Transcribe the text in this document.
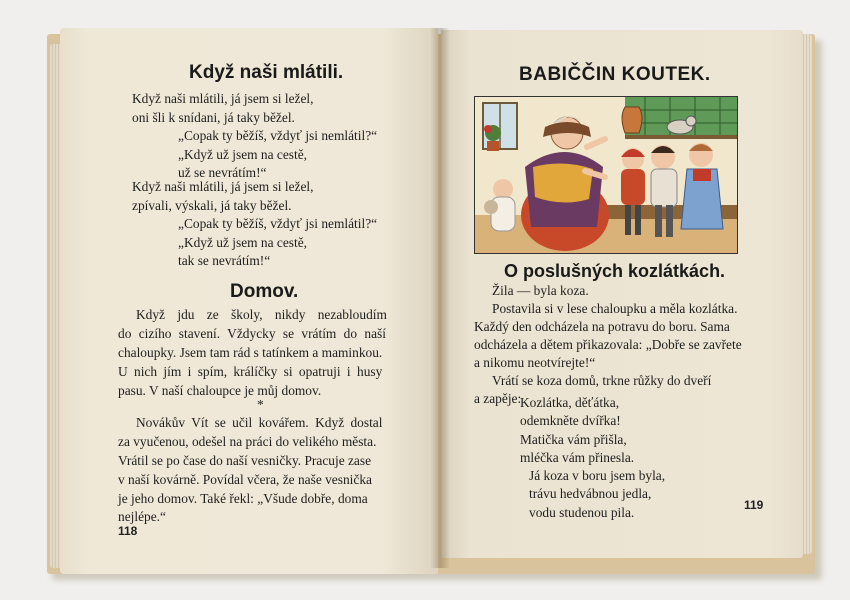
Když naši mlátili.
Když naši mlátili, já jsem si ležel,
oni šli k snídani, já taky běžel.
„Copak ty běžíš, vždyť jsi nemlátil?“
„Když už jsem na cestě,
už se nevrátím!“
Když naši mlátili, já jsem si ležel,
zpívali, výskali, já taky běžel.
„Copak ty běžíš, vždyť jsi nemlátil?“
„Když už jsem na cestě,
tak se nevrátím!“
Domov.
Když jdu ze školy, nikdy nezabloudím
do cizího stavení. Vždycky se vrátím do naší
chaloupky. Jsem tam rád s tatínkem a maminkou.
U nich jím i spím, králíčky si opatruji i husy
pasu. V naší chaloupce je můj domov.
*
Novákův Vít se učil kovářem. Když dostal
za vyučenou, odešel na práci do velikého města.
Vrátil se po čase do naší vesničky. Pracuje zase
v naší kovárně. Povídal včera, že naše vesnička
je jeho domov. Také řekl: „Všude dobře, doma
nejlépe.“
118
BABIČČIN KOUTEK.
O poslušných kozlátkách.
Žila — byla koza.
Postavila si v lese chaloupku a měla kozlátka.
Každý den odcházela na potravu do boru. Sama
odcházela a dětem přikazovala: „Dobře se zavřete
a nikomu neotvírejte!“
Vrátí se koza domů, trkne růžky do dveří
a zapěje:
Kozlátka, děťátka,
odemkněte dvířka!
Matička vám přišla,
mléčka vám přinesla.
Já koza v boru jsem byla,
trávu hedvábnou jedla,
vodu studenou pila.	119
